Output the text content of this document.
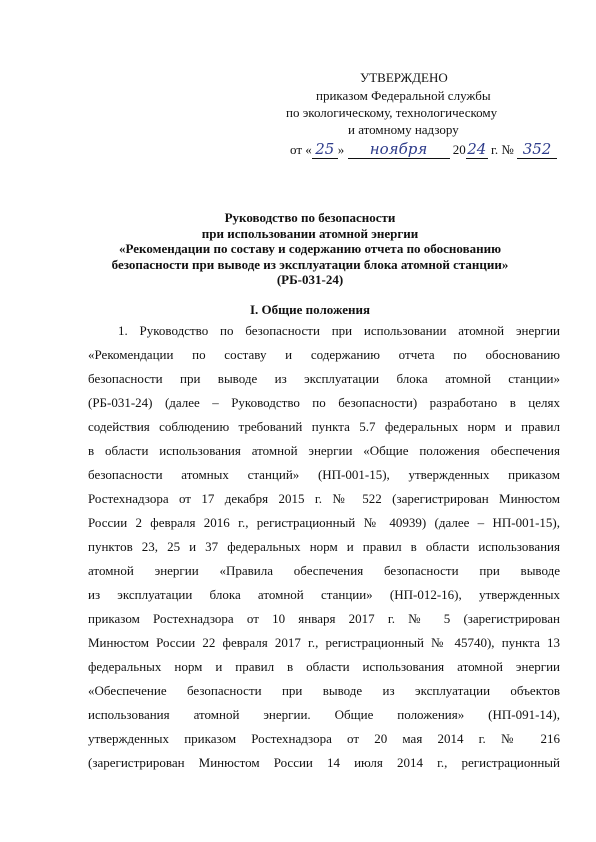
УТВЕРЖДЕНО
приказом Федеральной службы
по экологическому, технологическому
и атомному надзору
от « 25 » ноября 2024 г. № 352
Руководство по безопасности
при использовании атомной энергии
«Рекомендации по составу и содержанию отчета по обоснованию
безопасности при выводе из эксплуатации блока атомной станции»
(РБ-031-24)
I. Общие положения
1. Руководство по безопасности при использовании атомной энергии
«Рекомендации по составу и содержанию отчета по обоснованию
безопасности при выводе из эксплуатации блока атомной станции»
(РБ-031-24) (далее – Руководство по безопасности) разработано в целях
содействия соблюдению требований пункта 5.7 федеральных норм и правил
в области использования атомной энергии «Общие положения обеспечения
безопасности атомных станций» (НП-001-15), утвержденных приказом
Ростехнадзора от 17 декабря 2015 г. № 522 (зарегистрирован Минюстом
России 2 февраля 2016 г., регистрационный № 40939) (далее – НП-001-15),
пунктов 23, 25 и 37 федеральных норм и правил в области использования
атомной энергии «Правила обеспечения безопасности при выводе
из эксплуатации блока атомной станции» (НП-012-16), утвержденных
приказом Ростехнадзора от 10 января 2017 г. № 5 (зарегистрирован
Минюстом России 22 февраля 2017 г., регистрационный № 45740), пункта 13
федеральных норм и правил в области использования атомной энергии
«Обеспечение безопасности при выводе из эксплуатации объектов
использования атомной энергии. Общие положения» (НП-091-14),
утвержденных приказом Ростехнадзора от 20 мая 2014 г. № 216
(зарегистрирован Минюстом России 14 июля 2014 г., регистрационный
